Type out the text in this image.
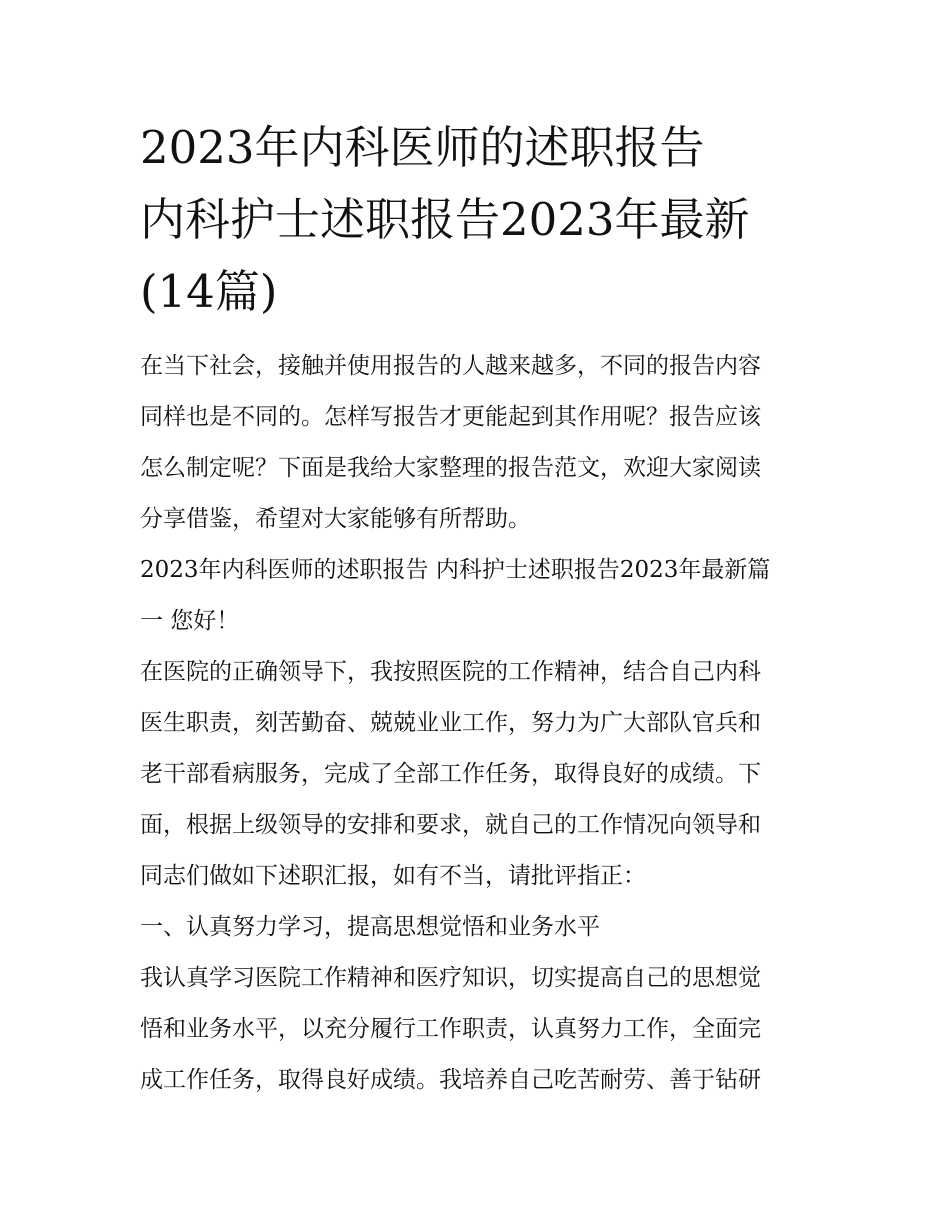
2023年内科医师的述职报告
内科护士述职报告2023年最新
(14篇)

在当下社会，接触并使用报告的人越来越多，不同的报告内容
同样也是不同的。怎样写报告才更能起到其作用呢？报告应该
怎么制定呢？下面是我给大家整理的报告范文，欢迎大家阅读
分享借鉴，希望对大家能够有所帮助。

2023年内科医师的述职报告 内科护士述职报告2023年最新篇
一 您好！

在医院的正确领导下，我按照医院的工作精神，结合自己内科
医生职责，刻苦勤奋、兢兢业业工作，努力为广大部队官兵和
老干部看病服务，完成了全部工作任务，取得良好的成绩。下
面，根据上级领导的安排和要求，就自己的工作情况向领导和
同志们做如下述职汇报，如有不当，请批评指正：

一、认真努力学习，提高思想觉悟和业务水平

我认真学习医院工作精神和医疗知识，切实提高自己的思想觉
悟和业务水平，以充分履行工作职责，认真努力工作，全面完
成工作任务，取得良好成绩。我培养自己吃苦耐劳、善于钻研
